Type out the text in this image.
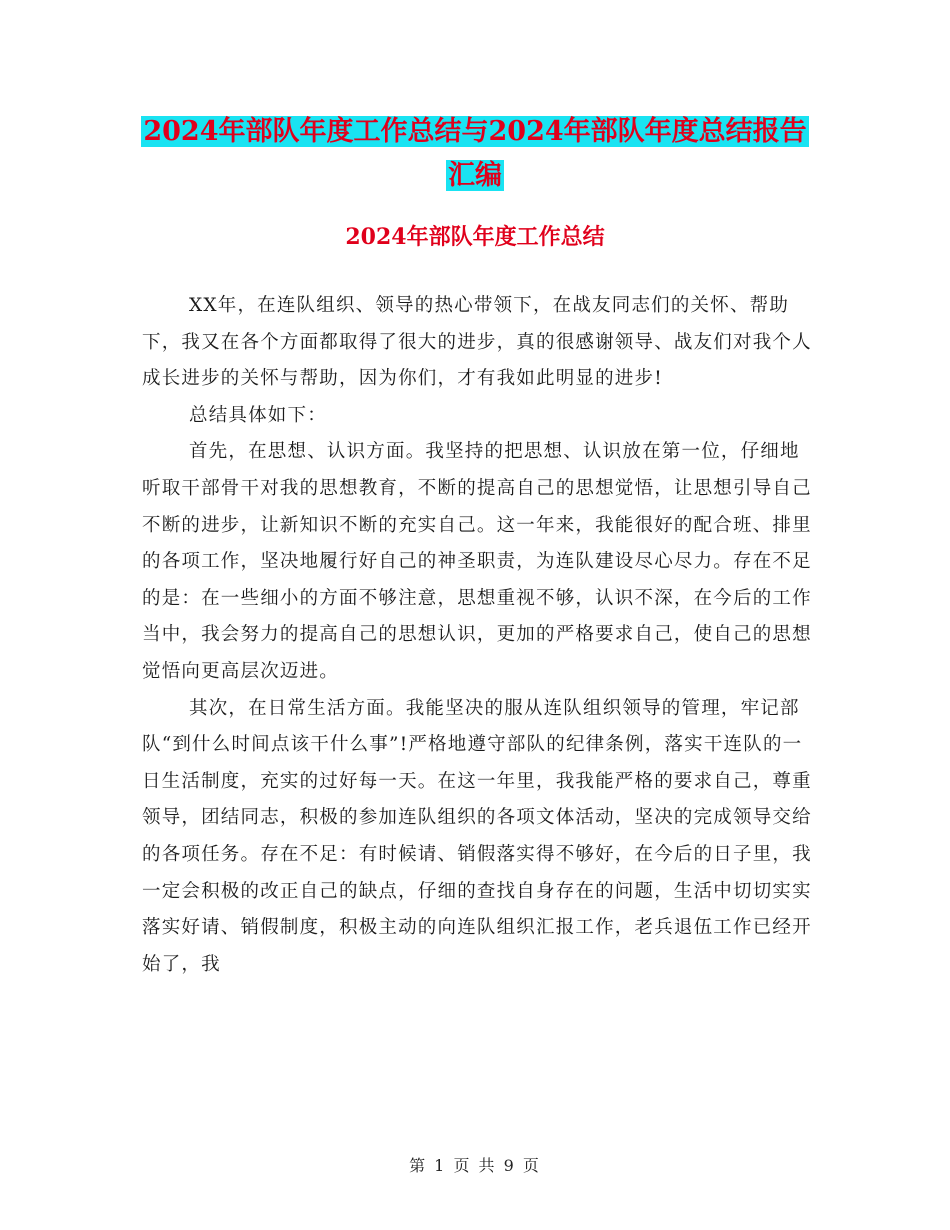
2024年部队年度工作总结与2024年部队年度总结报告
汇编
2024年部队年度工作总结

XX年，在连队组织、领导的热心带领下，在战友同志们的关怀、帮助下，我又在各个方面都取得了很大的进步，真的很感谢领导、战友们对我个人成长进步的关怀与帮助，因为你们，才有我如此明显的进步!

总结具体如下：

首先，在思想、认识方面。我坚持的把思想、认识放在第一位，仔细地听取干部骨干对我的思想教育，不断的提高自己的思想觉悟，让思想引导自己不断的进步，让新知识不断的充实自己。这一年来，我能很好的配合班、排里的各项工作，坚决地履行好自己的神圣职责，为连队建设尽心尽力。存在不足的是：在一些细小的方面不够注意，思想重视不够，认识不深，在今后的工作当中，我会努力的提高自己的思想认识，更加的严格要求自己，使自己的思想觉悟向更高层次迈进。

其次，在日常生活方面。我能坚决的服从连队组织领导的管理，牢记部队“到什么时间点该干什么事”!严格地遵守部队的纪律条例，落实干连队的一日生活制度，充实的过好每一天。在这一年里，我我能严格的要求自己，尊重领导，团结同志，积极的参加连队组织的各项文体活动，坚决的完成领导交给的各项任务。存在不足：有时候请、销假落实得不够好，在今后的日子里，我一定会积极的改正自己的缺点，仔细的查找自身存在的问题，生活中切切实实落实好请、销假制度，积极主动的向连队组织汇报工作，老兵退伍工作已经开始了，我

第 1 页 共 9 页
